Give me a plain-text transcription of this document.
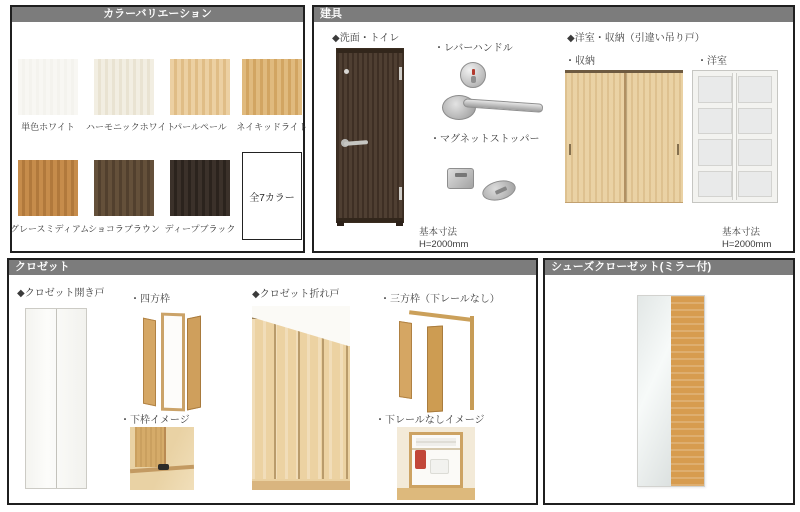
カラーバリエーション
単色ホワイト	ハーモニックホワイト
パールペール	ネイキッドライト
グレースミディアム
ショコラブラウン ディープブラック
全7カラー
建具
◆洗面・トイレ
・レバーハンドル
・マグネットストッパー
基本寸法
H=2000mm
◆洋室・収納（引違い吊り戸）
・収納	・洋室
基本寸法
H=2000mm
クロゼット
◆クロゼット開き戸
・四方枠
・下枠イメージ
◆クロゼット折れ戸	・三方枠（下レールなし）
・下レールなしイメージ
シューズクローゼット(ミラー付)
